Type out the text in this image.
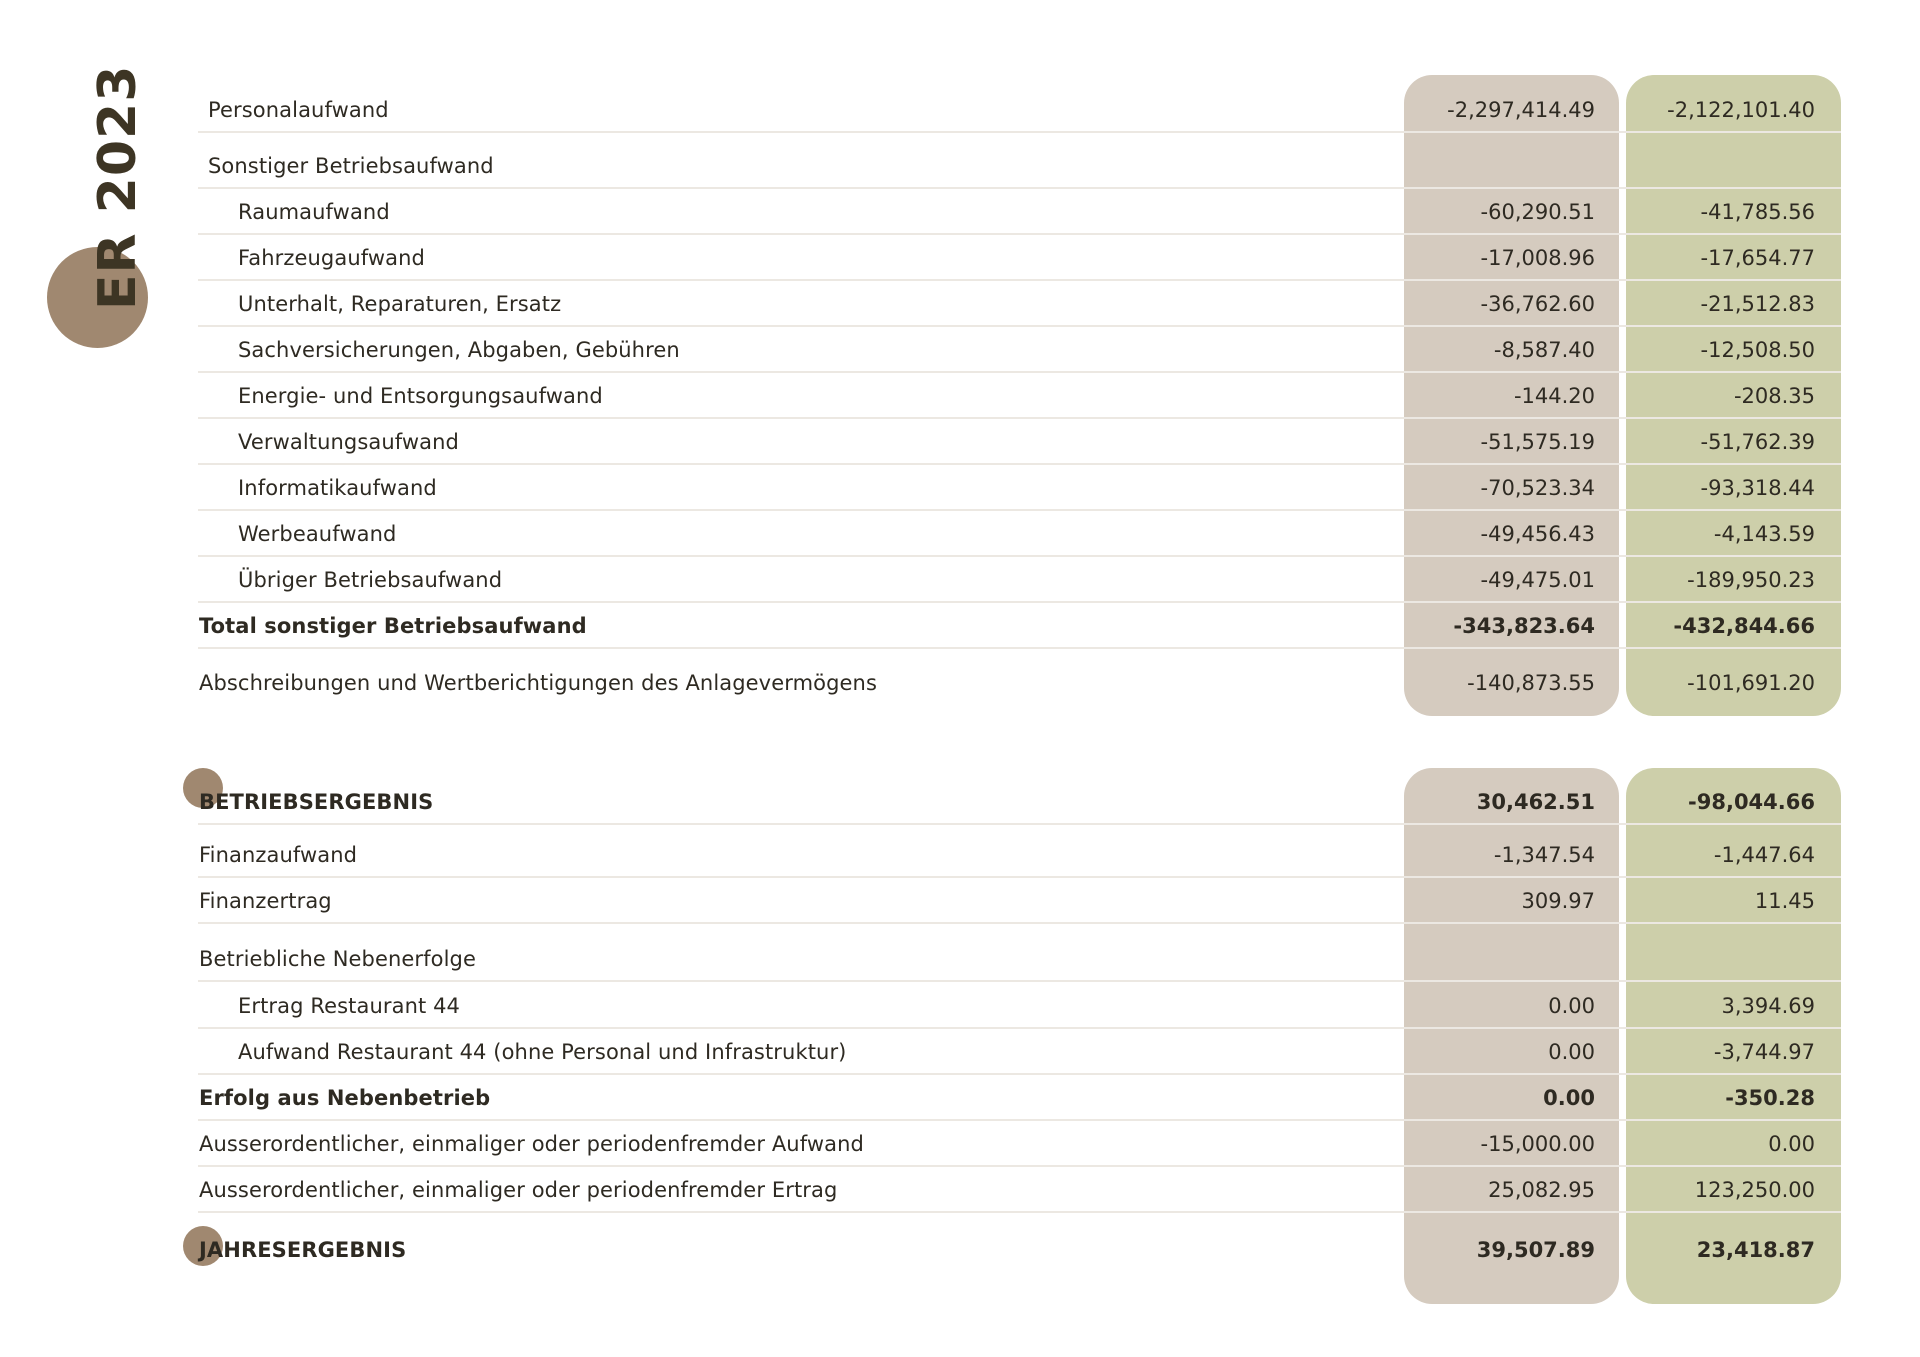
ER 2023	Personalaufwand	-2,297,414.49	-2,122,101.40
Sonstiger Betriebsaufwand
Raumaufwand	-60,290.51	-41,785.56
Fahrzeugaufwand	-17,008.96	-17,654.77
Unterhalt, Reparaturen, Ersatz	-36,762.60	-21,512.83
Sachversicherungen, Abgaben, Gebühren	-8,587.40	-12,508.50
Energie- und Entsorgungsaufwand	-144.20	-208.35
Verwaltungsaufwand	-51,575.19	-51,762.39
Informatikaufwand	-70,523.34	-93,318.44
Werbeaufwand	-49,456.43	-4,143.59
Übriger Betriebsaufwand	-49,475.01	-189,950.23
Total sonstiger Betriebsaufwand	-343,823.64	-432,844.66
Abschreibungen und Wertberichtigungen des Anlagevermögens	-140,873.55	-101,691.20
BETRIEBSERGEBNIS	30,462.51	-98,044.66
Finanzaufwand	-1,347.54	-1,447.64
Finanzertrag	309.97	11.45
Betriebliche Nebenerfolge
Ertrag Restaurant 44	0.00	3,394.69
Aufwand Restaurant 44 (ohne Personal und Infrastruktur)	0.00	-3,744.97
Erfolg aus Nebenbetrieb	0.00	-350.28
Ausserordentlicher, einmaliger oder periodenfremder Aufwand	-15,000.00	0.00
Ausserordentlicher, einmaliger oder periodenfremder Ertrag	25,082.95	123,250.00
JAHRESERGEBNIS	39,507.89	23,418.87
